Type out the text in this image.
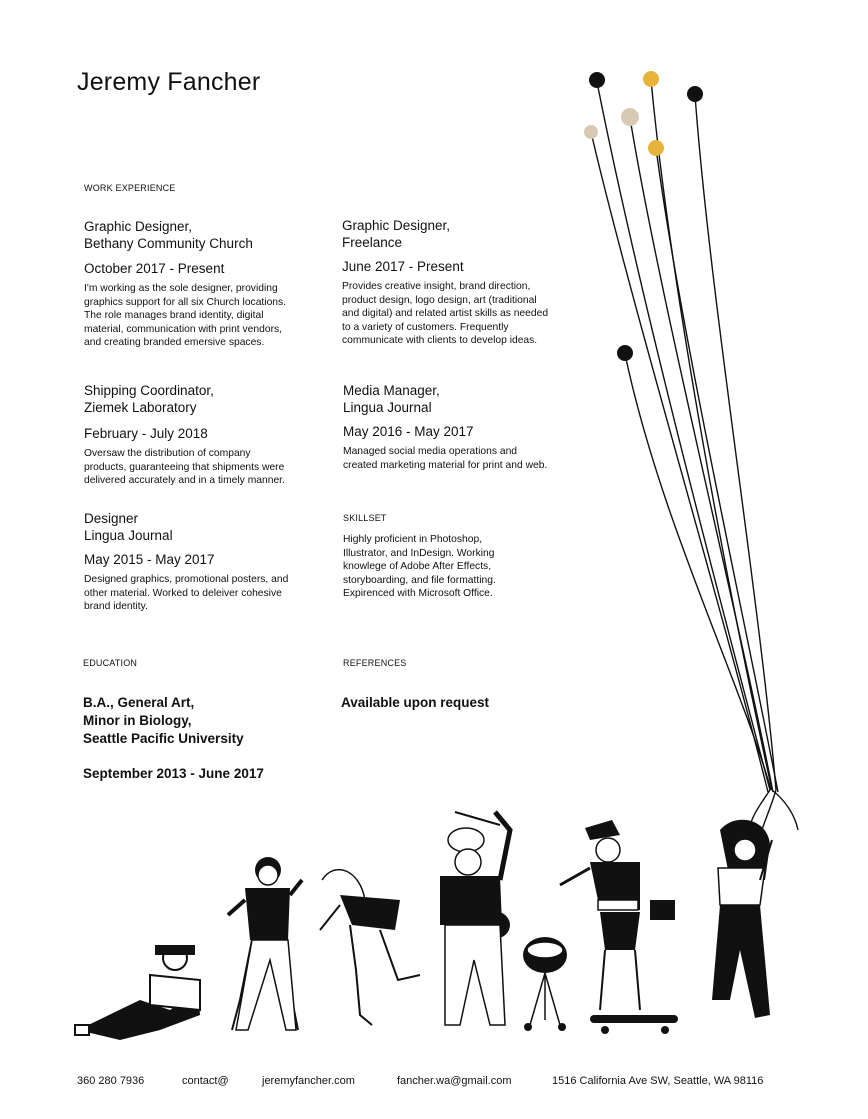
Jeremy Fancher
WORK EXPERIENCE
Graphic Designer,
Bethany Community Church
October 2017 - Present
I'm working as the sole designer, providing
graphics support for all six Church locations.
The role manages brand identity, digital
material, communication with print vendors,
and creating branded emersive spaces.
Graphic Designer,
Freelance
June 2017 - Present
Provides creative insight, brand direction,
product design, logo design, art (traditional
and digital) and related artist skills as needed
to a variety of customers. Frequently
communicate with clients to develop ideas.
Shipping Coordinator,
Ziemek Laboratory
February - July 2018
Oversaw the distribution of company
products, guaranteeing that shipments were
delivered accurately and in a timely manner.
Media Manager,
Lingua Journal
May 2016 - May 2017
Managed social media operations and
created marketing material for print and web.
Designer
Lingua Journal
May 2015 - May 2017
Designed graphics, promotional posters, and
other material. Worked to deleiver cohesive
brand identity.
SKILLSET
Highly proficient in Photoshop,
Illustrator, and InDesign. Working
knowlege of Adobe After Effects,
storyboarding, and file formatting.
Expirenced with Microsoft Office.
EDUCATION
B.A., General Art,
Minor in Biology,
Seattle Pacific University
September 2013 - June 2017
REFERENCES
Available upon request
360 280 7936	contact@	jeremyfancher.com	fancher.wa@gmail.com	1516 California Ave SW, Seattle, WA 98116
